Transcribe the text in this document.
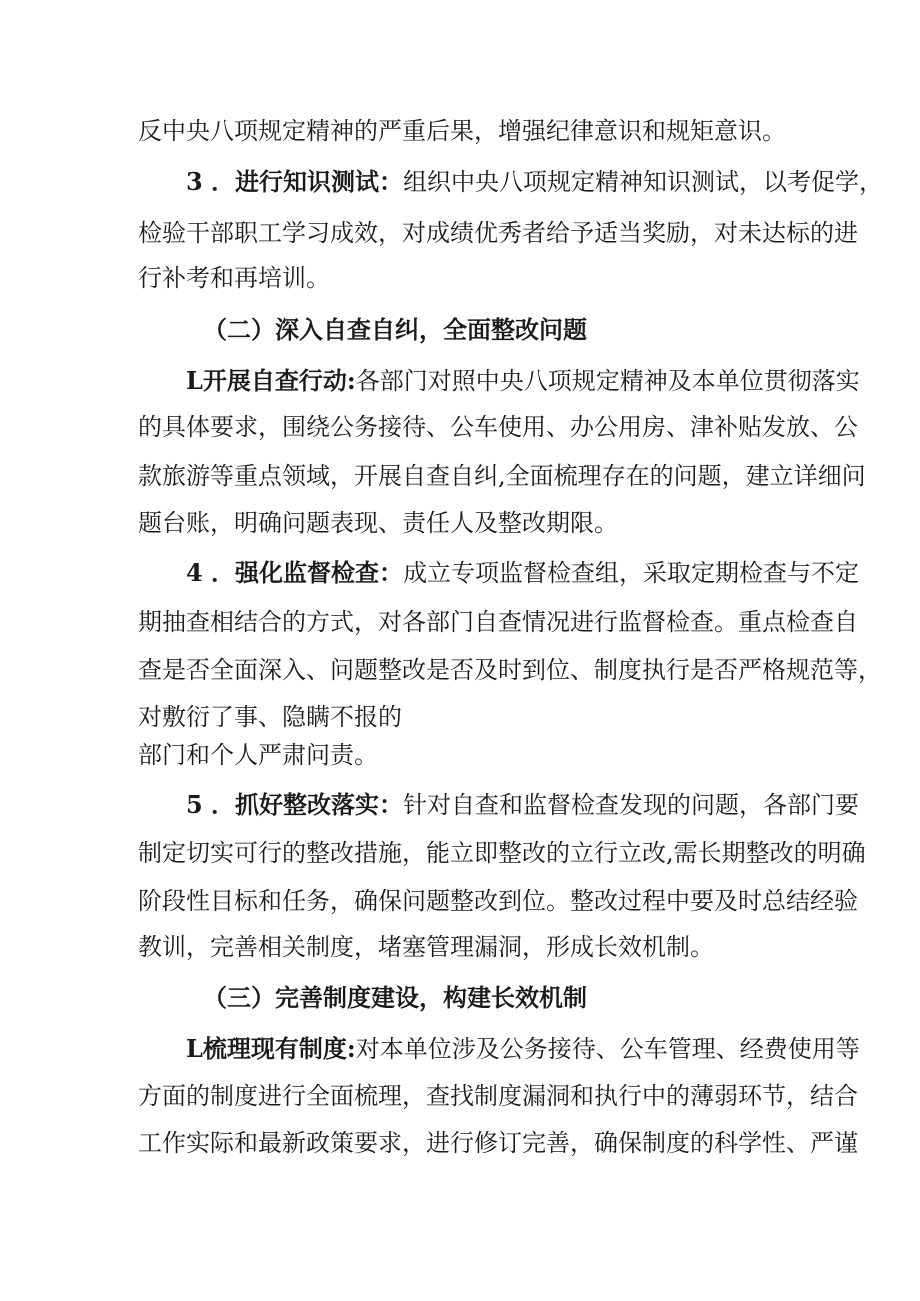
反中央八项规定精神的严重后果，增强纪律意识和规矩意识。
3 ．进行知识测试：组织中央八项规定精神知识测试，以考促学，
检验干部职工学习成效，对成绩优秀者给予适当奖励，对未达标的进
行补考和再培训。
（二）深入自查自纠，全面整改问题
L开展自查行动:各部门对照中央八项规定精神及本单位贯彻落实
的具体要求，围绕公务接待、公车使用、办公用房、津补贴发放、公
款旅游等重点领域，开展自查自纠,全面梳理存在的问题，建立详细问
题台账，明确问题表现、责任人及整改期限。
4 ．强化监督检查：成立专项监督检查组，采取定期检查与不定
期抽查相结合的方式，对各部门自查情况进行监督检查。重点检查自
查是否全面深入、问题整改是否及时到位、制度执行是否严格规范等，
对敷衍了事、隐瞒不报的
部门和个人严肃问责。
5 ．抓好整改落实：针对自查和监督检查发现的问题，各部门要
制定切实可行的整改措施，能立即整改的立行立改,需长期整改的明确
阶段性目标和任务，确保问题整改到位。整改过程中要及时总结经验
教训，完善相关制度，堵塞管理漏洞，形成长效机制。
（三）完善制度建设，构建长效机制
L梳理现有制度:对本单位涉及公务接待、公车管理、经费使用等
方面的制度进行全面梳理，查找制度漏洞和执行中的薄弱环节，结合
工作实际和最新政策要求，进行修订完善，确保制度的科学性、严谨
